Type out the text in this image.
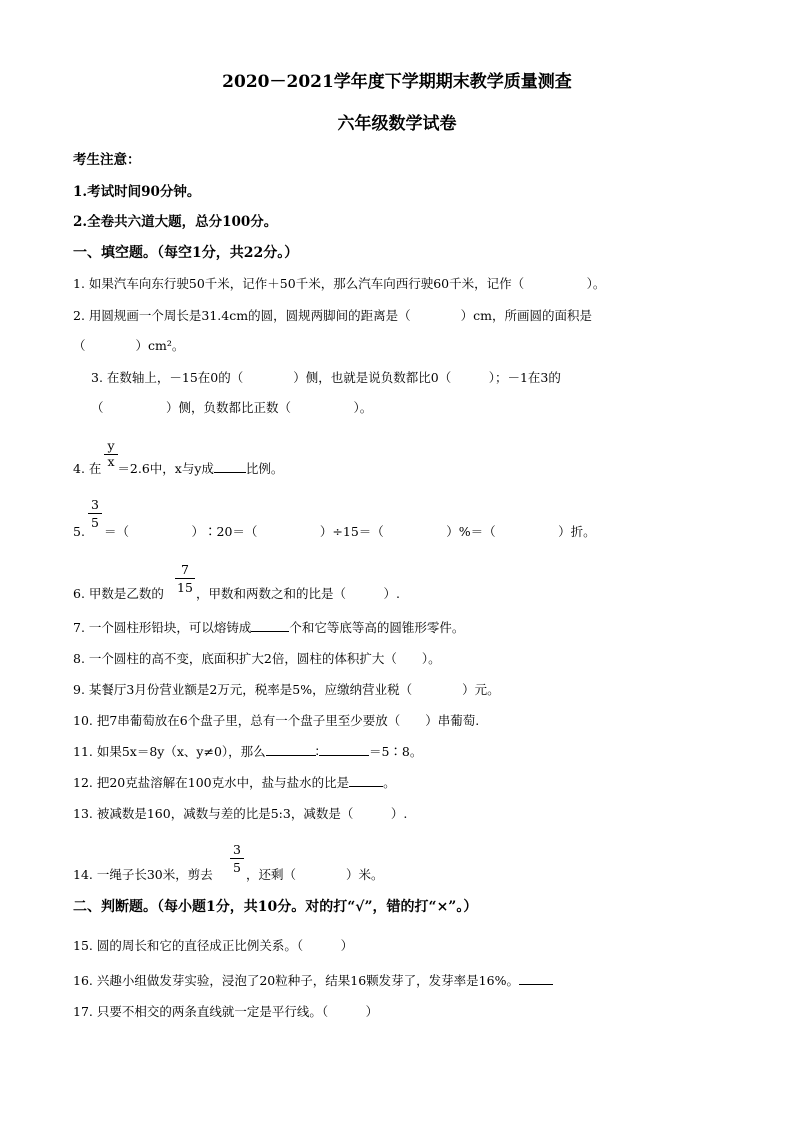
2020－2021学年度下学期期末教学质量测查
六年级数学试卷
考生注意：
1.考试时间90分钟。
2.全卷共六道大题，总分100分。
一、填空题。（每空1分，共22分。）
1. 如果汽车向东行驶50千米，记作＋50千米，那么汽车向西行驶60千米，记作（　　　　　）。
2. 用圆规画一个周长是31.4cm的圆，圆规两脚间的距离是（　　　　）cm，所画圆的面积是
（　　　　）cm²。
3. 在数轴上，－15在0的（　　　　）侧，也就是说负数都比0（　　　）；－1在3的
（　　　　　）侧，负数都比正数（　　　　　）。
4. 在 ＝2.6中，x与y成	比例。
y
x
5.
3
5
＝（　　　　　）∶20＝（　　　　　）÷15＝（　　　　　）%＝（　　　　　）折。
6. 甲数是乙数的
7
15 ，甲数和两数之和的比是（　　　）.
7. 一个圆柱形铅块，可以熔铸成	个和它等底等高的圆锥形零件。
8. 一个圆柱的高不变，底面积扩大2倍，圆柱的体积扩大（　　）。
9. 某餐厅3月份营业额是2万元，税率是5%，应缴纳营业税（　　　　）元。
10. 把7串葡萄放在6个盘子里，总有一个盘子里至少要放（　　）串葡萄.
11. 如果5x＝8y（x、y≠0），那么	∶	＝5∶8。
12. 把20克盐溶解在100克水中，盐与盐水的比是	。
13. 被减数是160，减数与差的比是5:3，减数是（　　　）.
14. 一绳子长30米，剪去
3
5 ，还剩（　　　　）米。
二、判断题。（每小题1分，共10分。对的打“√”，错的打“×”。）
15. 圆的周长和它的直径成正比例关系。（　　　）
16. 兴趣小组做发芽实验，浸泡了20粒种子，结果16颗发芽了，发芽率是16%。
17. 只要不相交的两条直线就一定是平行线。（　　　）
